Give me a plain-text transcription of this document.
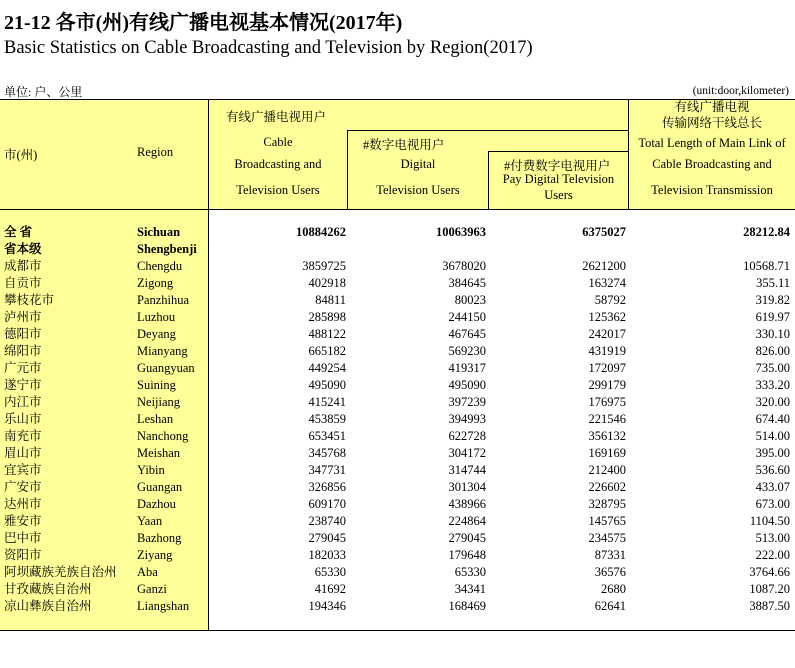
21-12 各市(州)有线广播电视基本情况(2017年)
Basic Statistics on Cable Broadcasting and Television by Region(2017)
单位: 户、公里	(unit:door,kilometer)
市(州)	Region
有线广播电视用户
Cable
Broadcasting and
Television Users
#数字电视用户
Digital
Television Users
#付费数字电视用户
Pay Digital Television
Users
有线广播电视
传输网络干线总长
Total Length of Main Link of
Cable Broadcasting and
Television Transmission
全 省	Sichuan	10884262	10063963	6375027	28212.84
省本级	Shengbenji
成都市	Chengdu	3859725	3678020	2621200	10568.71
自贡市	Zigong	402918	384645	163274	355.11
攀枝花市	Panzhihua	84811	80023	58792	319.82
泸州市	Luzhou	285898	244150	125362	619.97
德阳市	Deyang	488122	467645	242017	330.10
绵阳市	Mianyang	665182	569230	431919	826.00
广元市	Guangyuan	449254	419317	172097	735.00
遂宁市	Suining	495090	495090	299179	333.20
内江市	Neijiang	415241	397239	176975	320.00
乐山市	Leshan	453859	394993	221546	674.40
南充市	Nanchong	653451	622728	356132	514.00
眉山市	Meishan	345768	304172	169169	395.00
宜宾市	Yibin	347731	314744	212400	536.60
广安市	Guangan	326856	301304	226602	433.07
达州市	Dazhou	609170	438966	328795	673.00
雅安市	Yaan	238740	224864	145765	1104.50
巴中市	Bazhong	279045	279045	234575	513.00
资阳市	Ziyang	182033	179648	87331	222.00
阿坝藏族羌族自治州 Aba	65330	65330	36576	3764.66
甘孜藏族自治州	Ganzi	41692	34341	2680	1087.20
凉山彝族自治州	Liangshan	194346	168469	62641	3887.50
